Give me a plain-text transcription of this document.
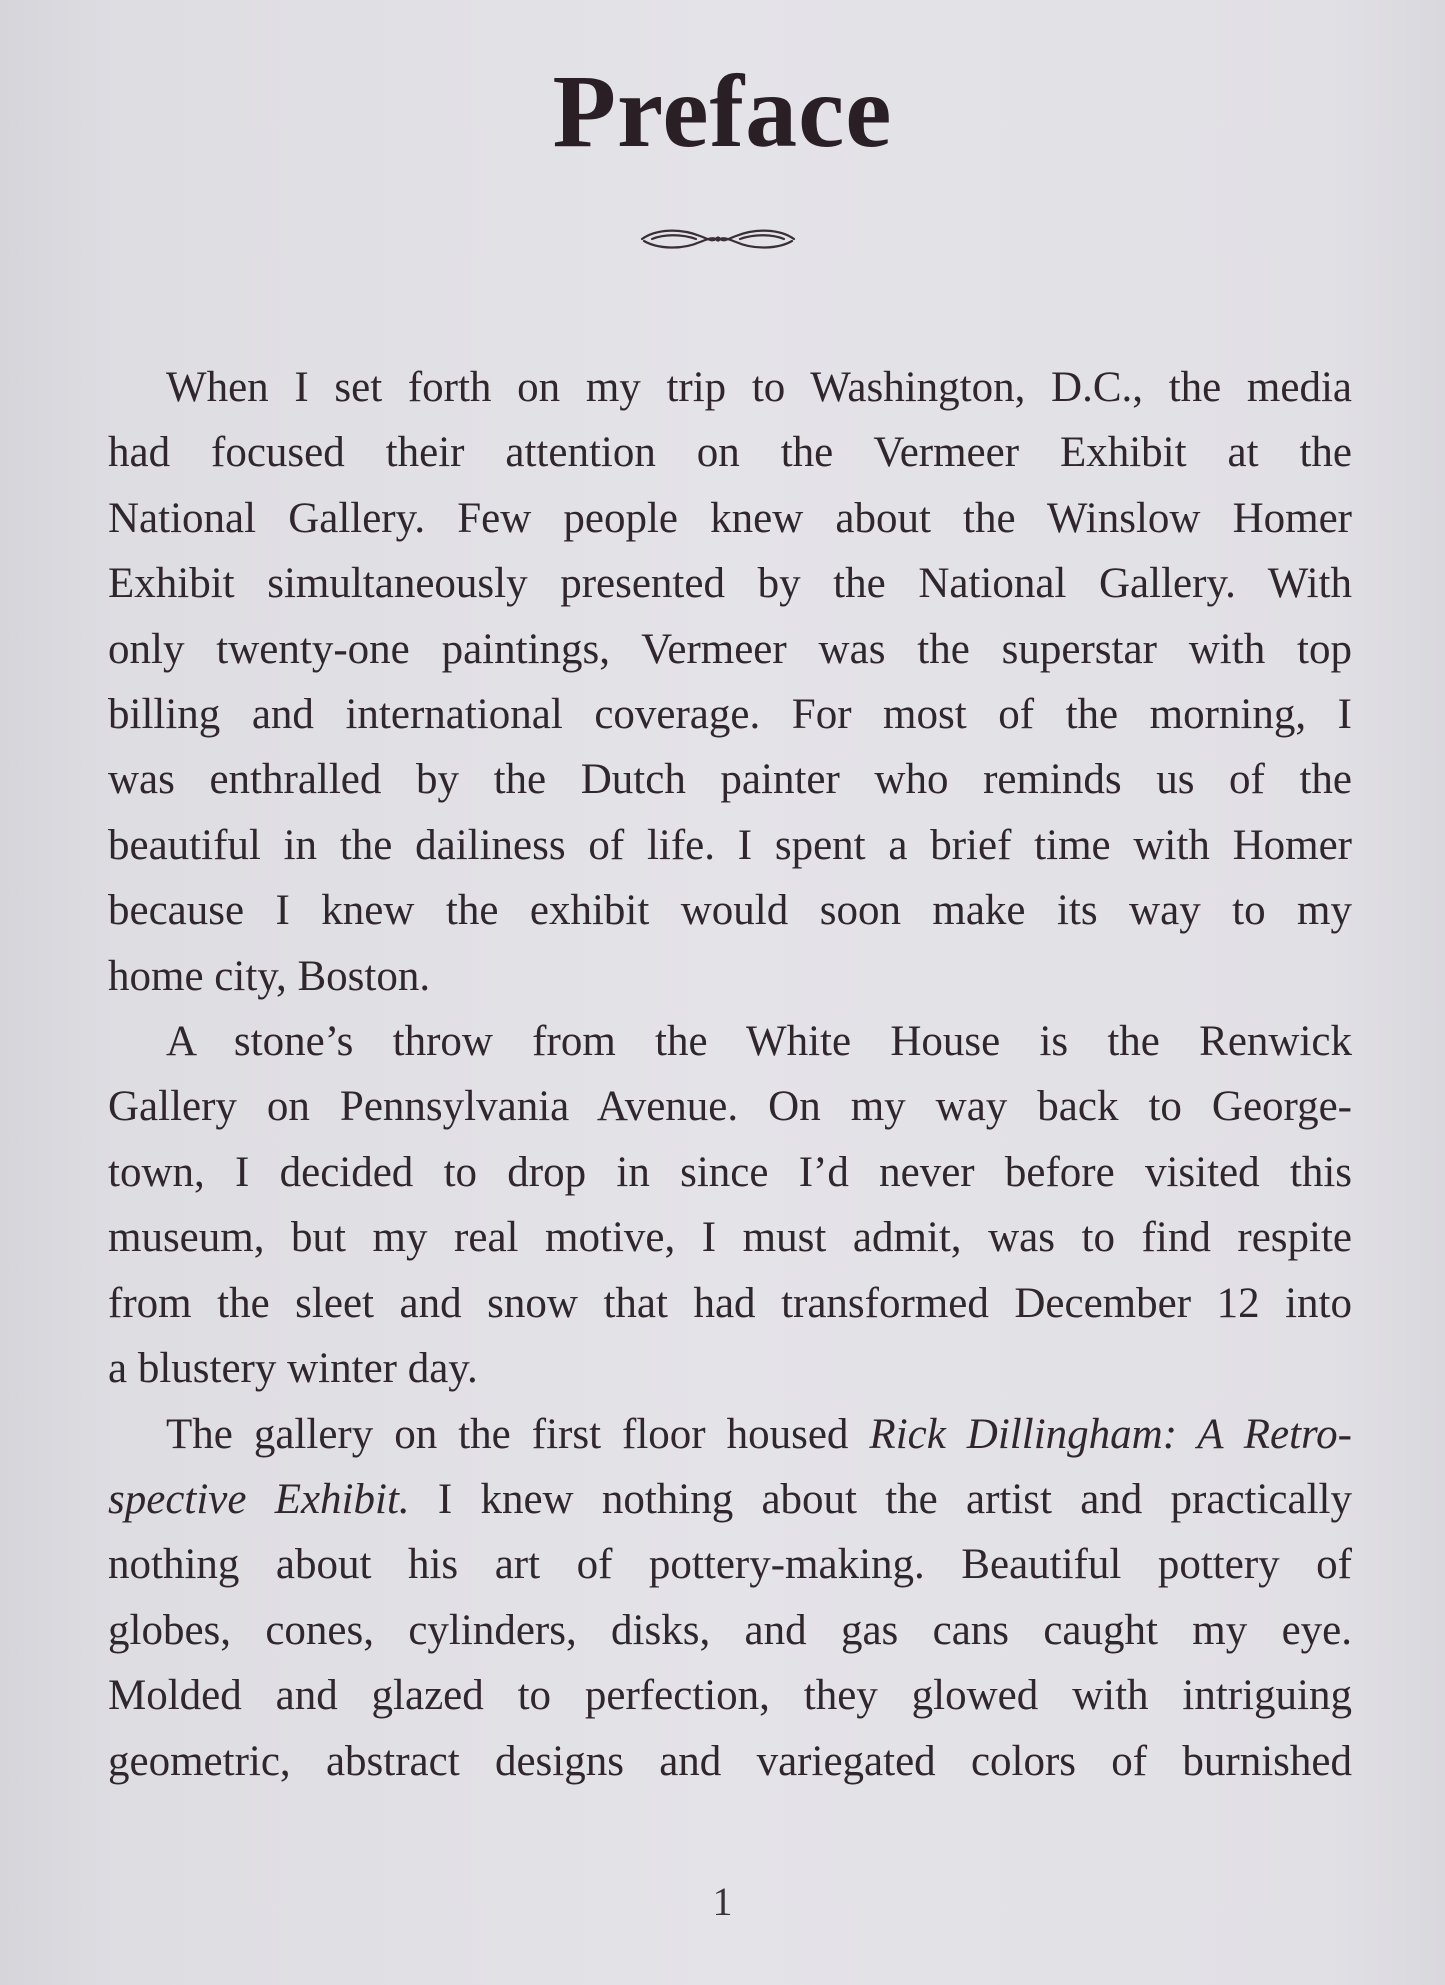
Preface

When I set forth on my trip to Washington, D.C., the media
had focused their attention on the Vermeer Exhibit at the
National Gallery. Few people knew about the Winslow Homer
Exhibit simultaneously presented by the National Gallery. With
only twenty-one paintings, Vermeer was the superstar with top
billing and international coverage. For most of the morning, I
was enthralled by the Dutch painter who reminds us of the
beautiful in the dailiness of life. I spent a brief time with Homer
because I knew the exhibit would soon make its way to my
home city, Boston.

A stone’s throw from the White House is the Renwick
Gallery on Pennsylvania Avenue. On my way back to George-
town, I decided to drop in since I’d never before visited this
museum, but my real motive, I must admit, was to find respite
from the sleet and snow that had transformed December 12 into
a blustery winter day.

The gallery on the first floor housed Rick Dillingham: A Retro-
spective Exhibit. I knew nothing about the artist and practically
nothing about his art of pottery-making. Beautiful pottery of
globes, cones, cylinders, disks, and gas cans caught my eye.
Molded and glazed to perfection, they glowed with intriguing
geometric, abstract designs and variegated colors of burnished

1
